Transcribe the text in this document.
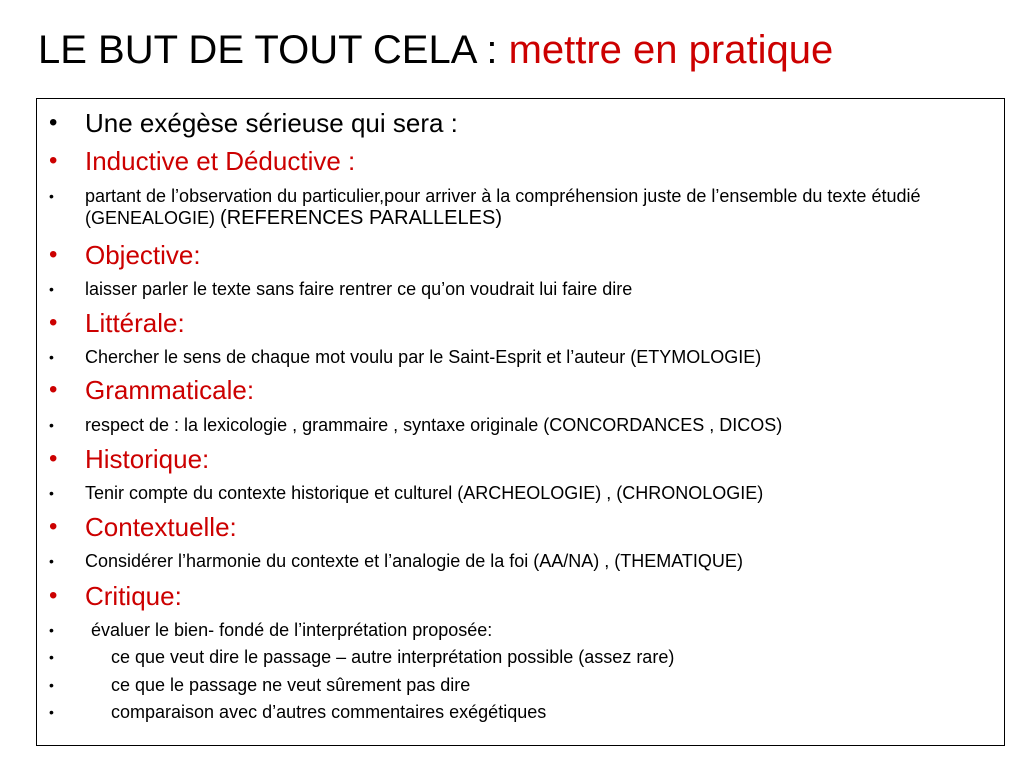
LE BUT DE TOUT CELA : mettre en pratique
• Une exégèse sérieuse qui sera :
• Inductive et Déductive :
• partant de l’observation du particulier,pour arriver à la compréhension juste de l’ensemble du texte étudié (GENEALOGIE) (REFERENCES PARALLELES)
• Objective:
• laisser parler le texte sans faire rentrer ce qu’on voudrait lui faire dire
• Littérale:
• Chercher le sens de chaque mot voulu par le Saint-Esprit et l’auteur (ETYMOLOGIE)
• Grammaticale:
• respect de : la lexicologie , grammaire , syntaxe originale (CONCORDANCES , DICOS)
• Historique:
• Tenir compte du contexte historique et culturel (ARCHEOLOGIE) , (CHRONOLOGIE)
• Contextuelle:
• Considérer l’harmonie du contexte et l’analogie de la foi (AA/NA) , (THEMATIQUE)
• Critique:
• évaluer le bien- fondé de l’interprétation proposée:
•	ce que veut dire le passage – autre interprétation possible (assez rare)
•	ce que le passage ne veut sûrement pas dire
•	comparaison avec d’autres commentaires exégétiques
